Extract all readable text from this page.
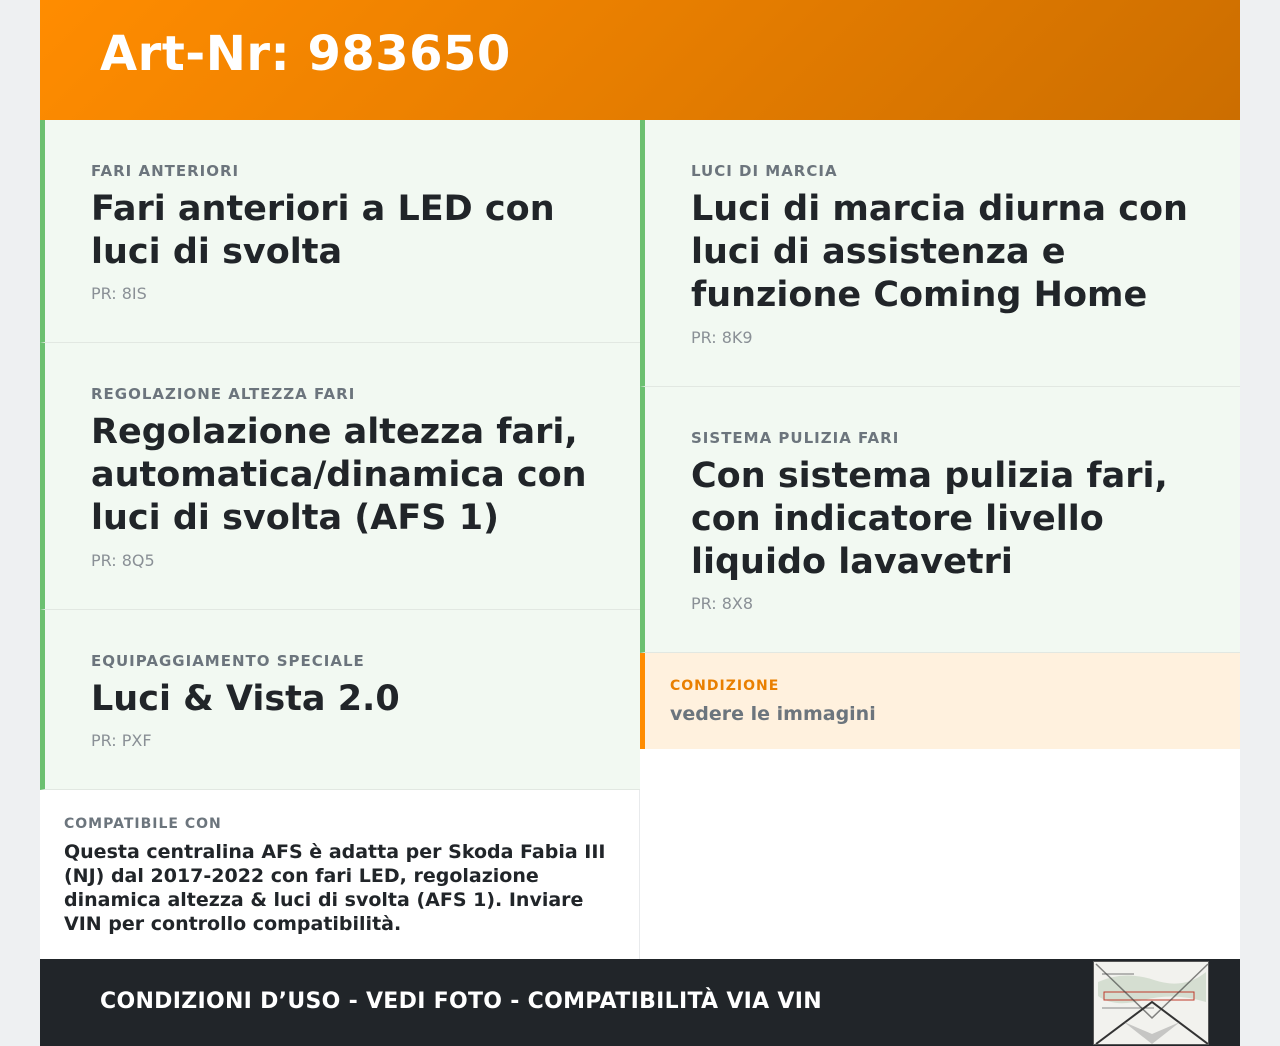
Art-Nr: 983650
FARI ANTERIORI
Fari anteriori a LED con luci di svolta
PR: 8IS
REGOLAZIONE ALTEZZA FARI
Regolazione altezza fari, automatica/dinamica con luci di svolta (AFS 1)
PR: 8Q5
EQUIPAGGIAMENTO SPECIALE
Luci & Vista 2.0
PR: PXF
LUCI DI MARCIA
Luci di marcia diurna con luci di assistenza e funzione Coming Home
PR: 8K9
SISTEMA PULIZIA FARI
Con sistema pulizia fari, con indicatore livello liquido lavavetri
PR: 8X8
CONDIZIONE
vedere le immagini
COMPATIBILE CON
Questa centralina AFS è adatta per Skoda Fabia III (NJ) dal 2017-2022 con fari LED, regolazione dinamica altezza & luci di svolta (AFS 1). Inviare VIN per controllo compatibilità.
CONDIZIONI D’USO - VEDI FOTO - COMPATIBILITÀ VIA VIN
